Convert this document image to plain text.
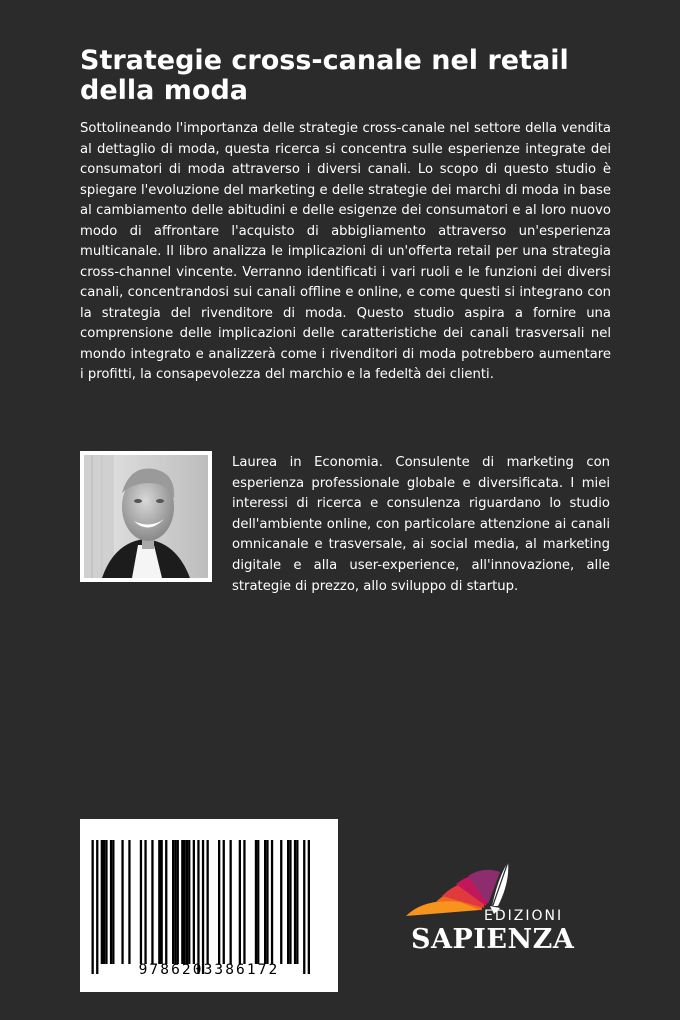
Strategie cross-canale nel retail della moda

Sottolineando l'importanza delle strategie cross-canale nel settore della vendita al dettaglio di moda, questa ricerca si concentra sulle esperienze integrate dei consumatori di moda attraverso i diversi canali. Lo scopo di questo studio è spiegare l'evoluzione del marketing e delle strategie dei marchi di moda in base al cambiamento delle abitudini e delle esigenze dei consumatori e al loro nuovo modo di affrontare l'acquisto di abbigliamento attraverso un'esperienza multicanale. Il libro analizza le implicazioni di un'offerta retail per una strategia cross-channel vincente. Verranno identificati i vari ruoli e le funzioni dei diversi canali, concentrandosi sui canali offline e online, e come questi si integrano con la strategia del rivenditore di moda. Questo studio aspira a fornire una comprensione delle implicazioni delle caratteristiche dei canali trasversali nel mondo integrato e analizzerà come i rivenditori di moda potrebbero aumentare i profitti, la consapevolezza del marchio e la fedeltà dei clienti.

Laurea in Economia. Consulente di marketing con esperienza professionale globale e diversificata. I miei interessi di ricerca e consulenza riguardano lo studio dell'ambiente online, con particolare attenzione ai canali omnicanale e trasversale, ai social media, al marketing digitale e alla user-experience, all'innovazione, alle strategie di prezzo, allo sviluppo di startup.

9786203386172
EDIZIONI
SAPIENZA
